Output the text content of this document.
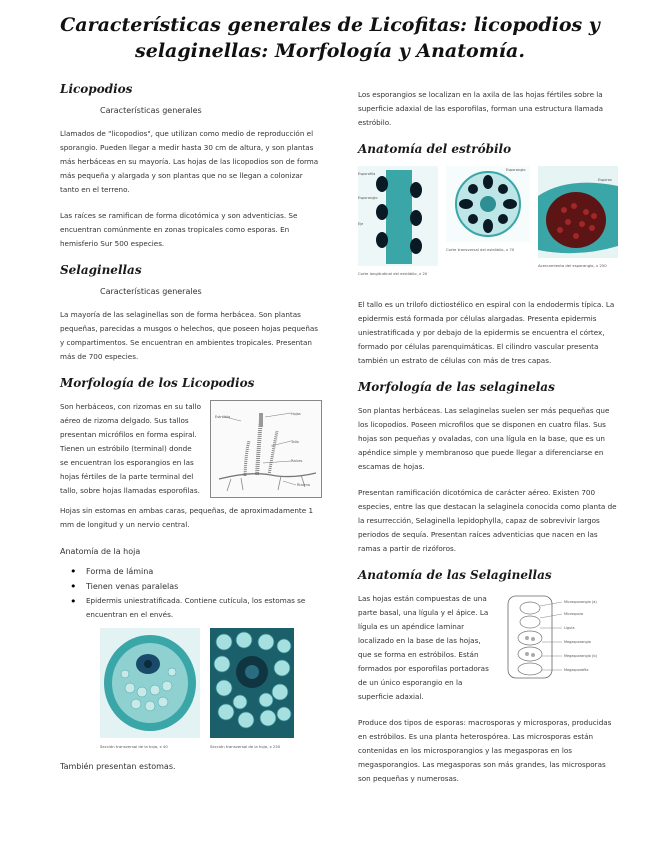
Características generales de Licofitas: licopodios y selaginellas: Morfología y Anatomía.
Licopodios
Características generales

Llamados de "licopodios", que utilizan como medio de reproducción el sporangio. Pueden llegar a medir hasta 30 cm de altura, y son plantas más herbáceas en su mayoría. Las hojas de las licopodios son de forma más pequeña y alargada y son plantas que no se llegan a colonizar tanto en el terreno.

Las raíces se ramifican de forma dicotómica y son adventicias. Se encuentran comúnmente en zonas tropicales como esporas. En hemisferio Sur 500 especies.

Selaginellas
Características generales

La mayoría de las selaginellas son de forma herbácea. Son plantas pequeñas, parecidas a musgos o helechos, que poseen hojas pequeñas y compartimentos. Se encuentran en ambientes tropicales. Presentan más de 700 especies.

Morfología de los Licopodios
Estróbilo
Hojas
Tallo
Raíces
Rizoma

Son herbáceos, con rizomas en su tallo aéreo de rizoma delgado. Sus tallos presentan micrófilos en forma espiral. Tienen un estróbilo (terminal) donde se encuentran los esporangios en las hojas fértiles de la parte terminal del tallo, sobre hojas llamadas esporofilas.

Hojas sin estomas en ambas caras, pequeñas, de aproximadamente 1 mm de longitud y un nervio central.

Anatomía de la hoja

• Forma de lámina
• Tienen venas paralelas
• Epidermis uniestratificada. Contiene cutícula, los estomas se encuentran en el envés.
Sección transversal de la hoja, x 40	Sección transversal de la hoja, x 250

También presentan estomas.

Los esporangios se localizan en la axila de las hojas fértiles sobre la superficie adaxial de las esporofilas, forman una estructura llamada estróbilo.

Anatomía del estróbilo
Esporofila
Esporangio
Eje
Corte longitudinal del estróbilo, x 20
Esporangio
Corte transversal del estróbilo, x 70
Esporas
Acercamiento del esporangio, x 250

El tallo es un trilofo dictiostélico en espiral con la endodermis típica. La epidermis está formada por células alargadas. Presenta epidermis uniestratificada y por debajo de la epidermis se encuentra el córtex, formado por células parenquimáticas. El cilindro vascular presenta también un estrato de células con más de tres capas.

Morfología de las selaginelas

Son plantas herbáceas. Las selaginelas suelen ser más pequeñas que los licopodios. Poseen microfilos que se disponen en cuatro filas. Sus hojas son pequeñas y ovaladas, con una lígula en la base, que es un apéndice simple y membranoso que puede llegar a diferenciarse en escamas de hojas.

Presentan ramificación dicotómica de carácter aéreo. Existen 700 especies, entre las que destacan la selaginela conocida como planta de la resurrección, Selaginella lepidophylla, capaz de sobrevivir largos periodos de sequía. Presentan raíces adventicias que nacen en las ramas a partir de rizóforos.

Anatomía de las Selaginellas
Microsporangio (a)
Microspora
Lígula
Megasporangio
Megasporangio (b)
Megasporofila

Las hojas están compuestas de una parte basal, una lígula y el ápice. La lígula es un apéndice laminar localizado en la base de las hojas, que se forma en estróbilos. Están formados por esporofilas portadoras de un único esporangio en la superficie adaxial.

Produce dos tipos de esporas: macrosporas y microsporas, producidas en estróbilos. Es una planta heterospórea. Las microsporas están contenidas en los microsporangios y las megasporas en los megasporangios. Las megasporas son más grandes, las microsporas son pequeñas y numerosas.
